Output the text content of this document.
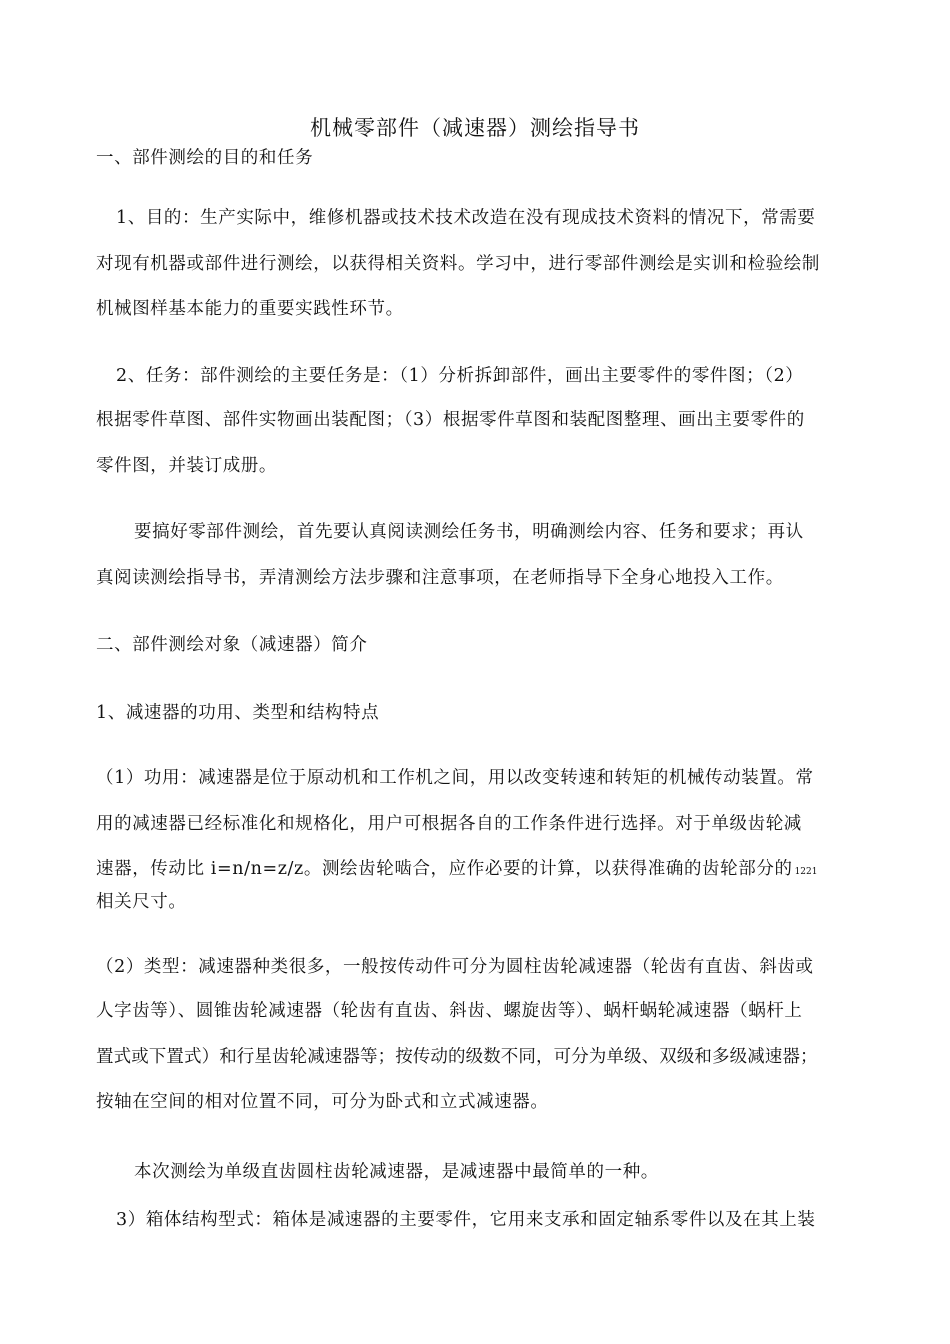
机械零部件（减速器）测绘指导书
一、部件测绘的目的和任务
1、目的：生产实际中，维修机器或技术技术改造在没有现成技术资料的情况下，常需要
对现有机器或部件进行测绘，以获得相关资料。学习中，进行零部件测绘是实训和检验绘制
机械图样基本能力的重要实践性环节。
2、任务：部件测绘的主要任务是：（1）分析拆卸部件，画出主要零件的零件图；（2）
根据零件草图、部件实物画出装配图；（3）根据零件草图和装配图整理、画出主要零件的
零件图，并装订成册。
要搞好零部件测绘，首先要认真阅读测绘任务书，明确测绘内容、任务和要求；再认
真阅读测绘指导书，弄清测绘方法步骤和注意事项，在老师指导下全身心地投入工作。
二、部件测绘对象（减速器）简介
1、减速器的功用、类型和结构特点
（1）功用：减速器是位于原动机和工作机之间，用以改变转速和转矩的机械传动装置。常
用的减速器已经标准化和规格化，用户可根据各自的工作条件进行选择。对于单级齿轮减
速器，传动比 i=n/n=z/z。测绘齿轮啮合，应作必要的计算，以获得准确的齿轮部分的 1221
相关尺寸。
（2）类型：减速器种类很多，一般按传动件可分为圆柱齿轮减速器（轮齿有直齿、斜齿或
人字齿等）、圆锥齿轮减速器（轮齿有直齿、斜齿、螺旋齿等）、蜗杆蜗轮减速器（蜗杆上
置式或下置式）和行星齿轮减速器等；按传动的级数不同，可分为单级、双级和多级减速器；
按轴在空间的相对位置不同，可分为卧式和立式减速器。
本次测绘为单级直齿圆柱齿轮减速器，是减速器中最简单的一种。
3）箱体结构型式：箱体是减速器的主要零件，它用来支承和固定轴系零件以及在其上装
